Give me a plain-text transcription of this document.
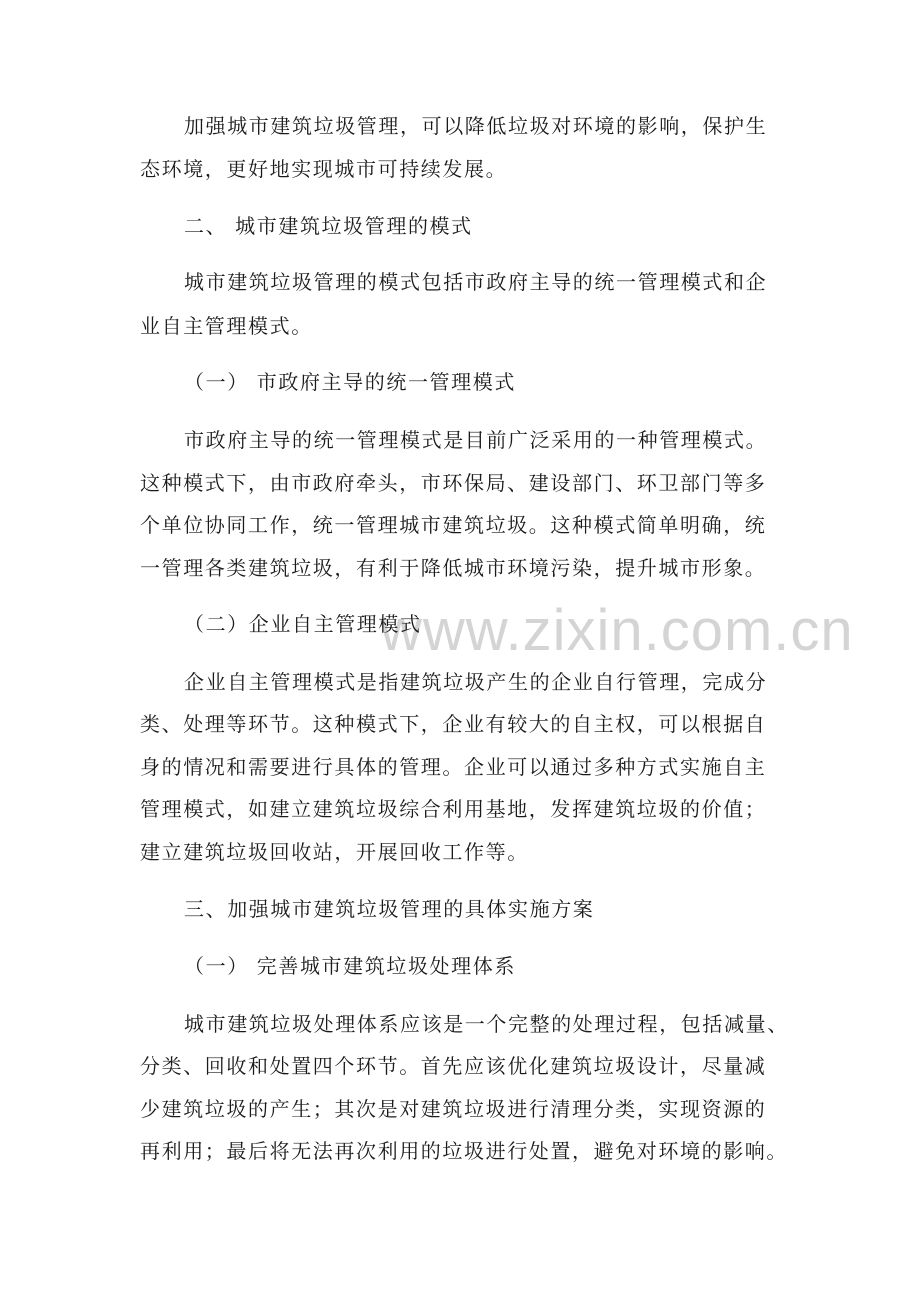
www.zixin.com.cn
加强城市建筑垃圾管理，可以降低垃圾对环境的影响，保护生
态环境，更好地实现城市可持续发展。
二、 城市建筑垃圾管理的模式
城市建筑垃圾管理的模式包括市政府主导的统一管理模式和企
业自主管理模式。
（一） 市政府主导的统一管理模式
市政府主导的统一管理模式是目前广泛采用的一种管理模式。
这种模式下，由市政府牵头，市环保局、建设部门、环卫部门等多
个单位协同工作，统一管理城市建筑垃圾。这种模式简单明确，统
一管理各类建筑垃圾，有利于降低城市环境污染，提升城市形象。
（二）企业自主管理模式
企业自主管理模式是指建筑垃圾产生的企业自行管理，完成分
类、处理等环节。这种模式下，企业有较大的自主权，可以根据自
身的情况和需要进行具体的管理。企业可以通过多种方式实施自主
管理模式，如建立建筑垃圾综合利用基地，发挥建筑垃圾的价值；
建立建筑垃圾回收站，开展回收工作等。
三、加强城市建筑垃圾管理的具体实施方案
（一） 完善城市建筑垃圾处理体系
城市建筑垃圾处理体系应该是一个完整的处理过程，包括减量、
分类、回收和处置四个环节。首先应该优化建筑垃圾设计，尽量减
少建筑垃圾的产生；其次是对建筑垃圾进行清理分类，实现资源的
再利用；最后将无法再次利用的垃圾进行处置，避免对环境的影响。
